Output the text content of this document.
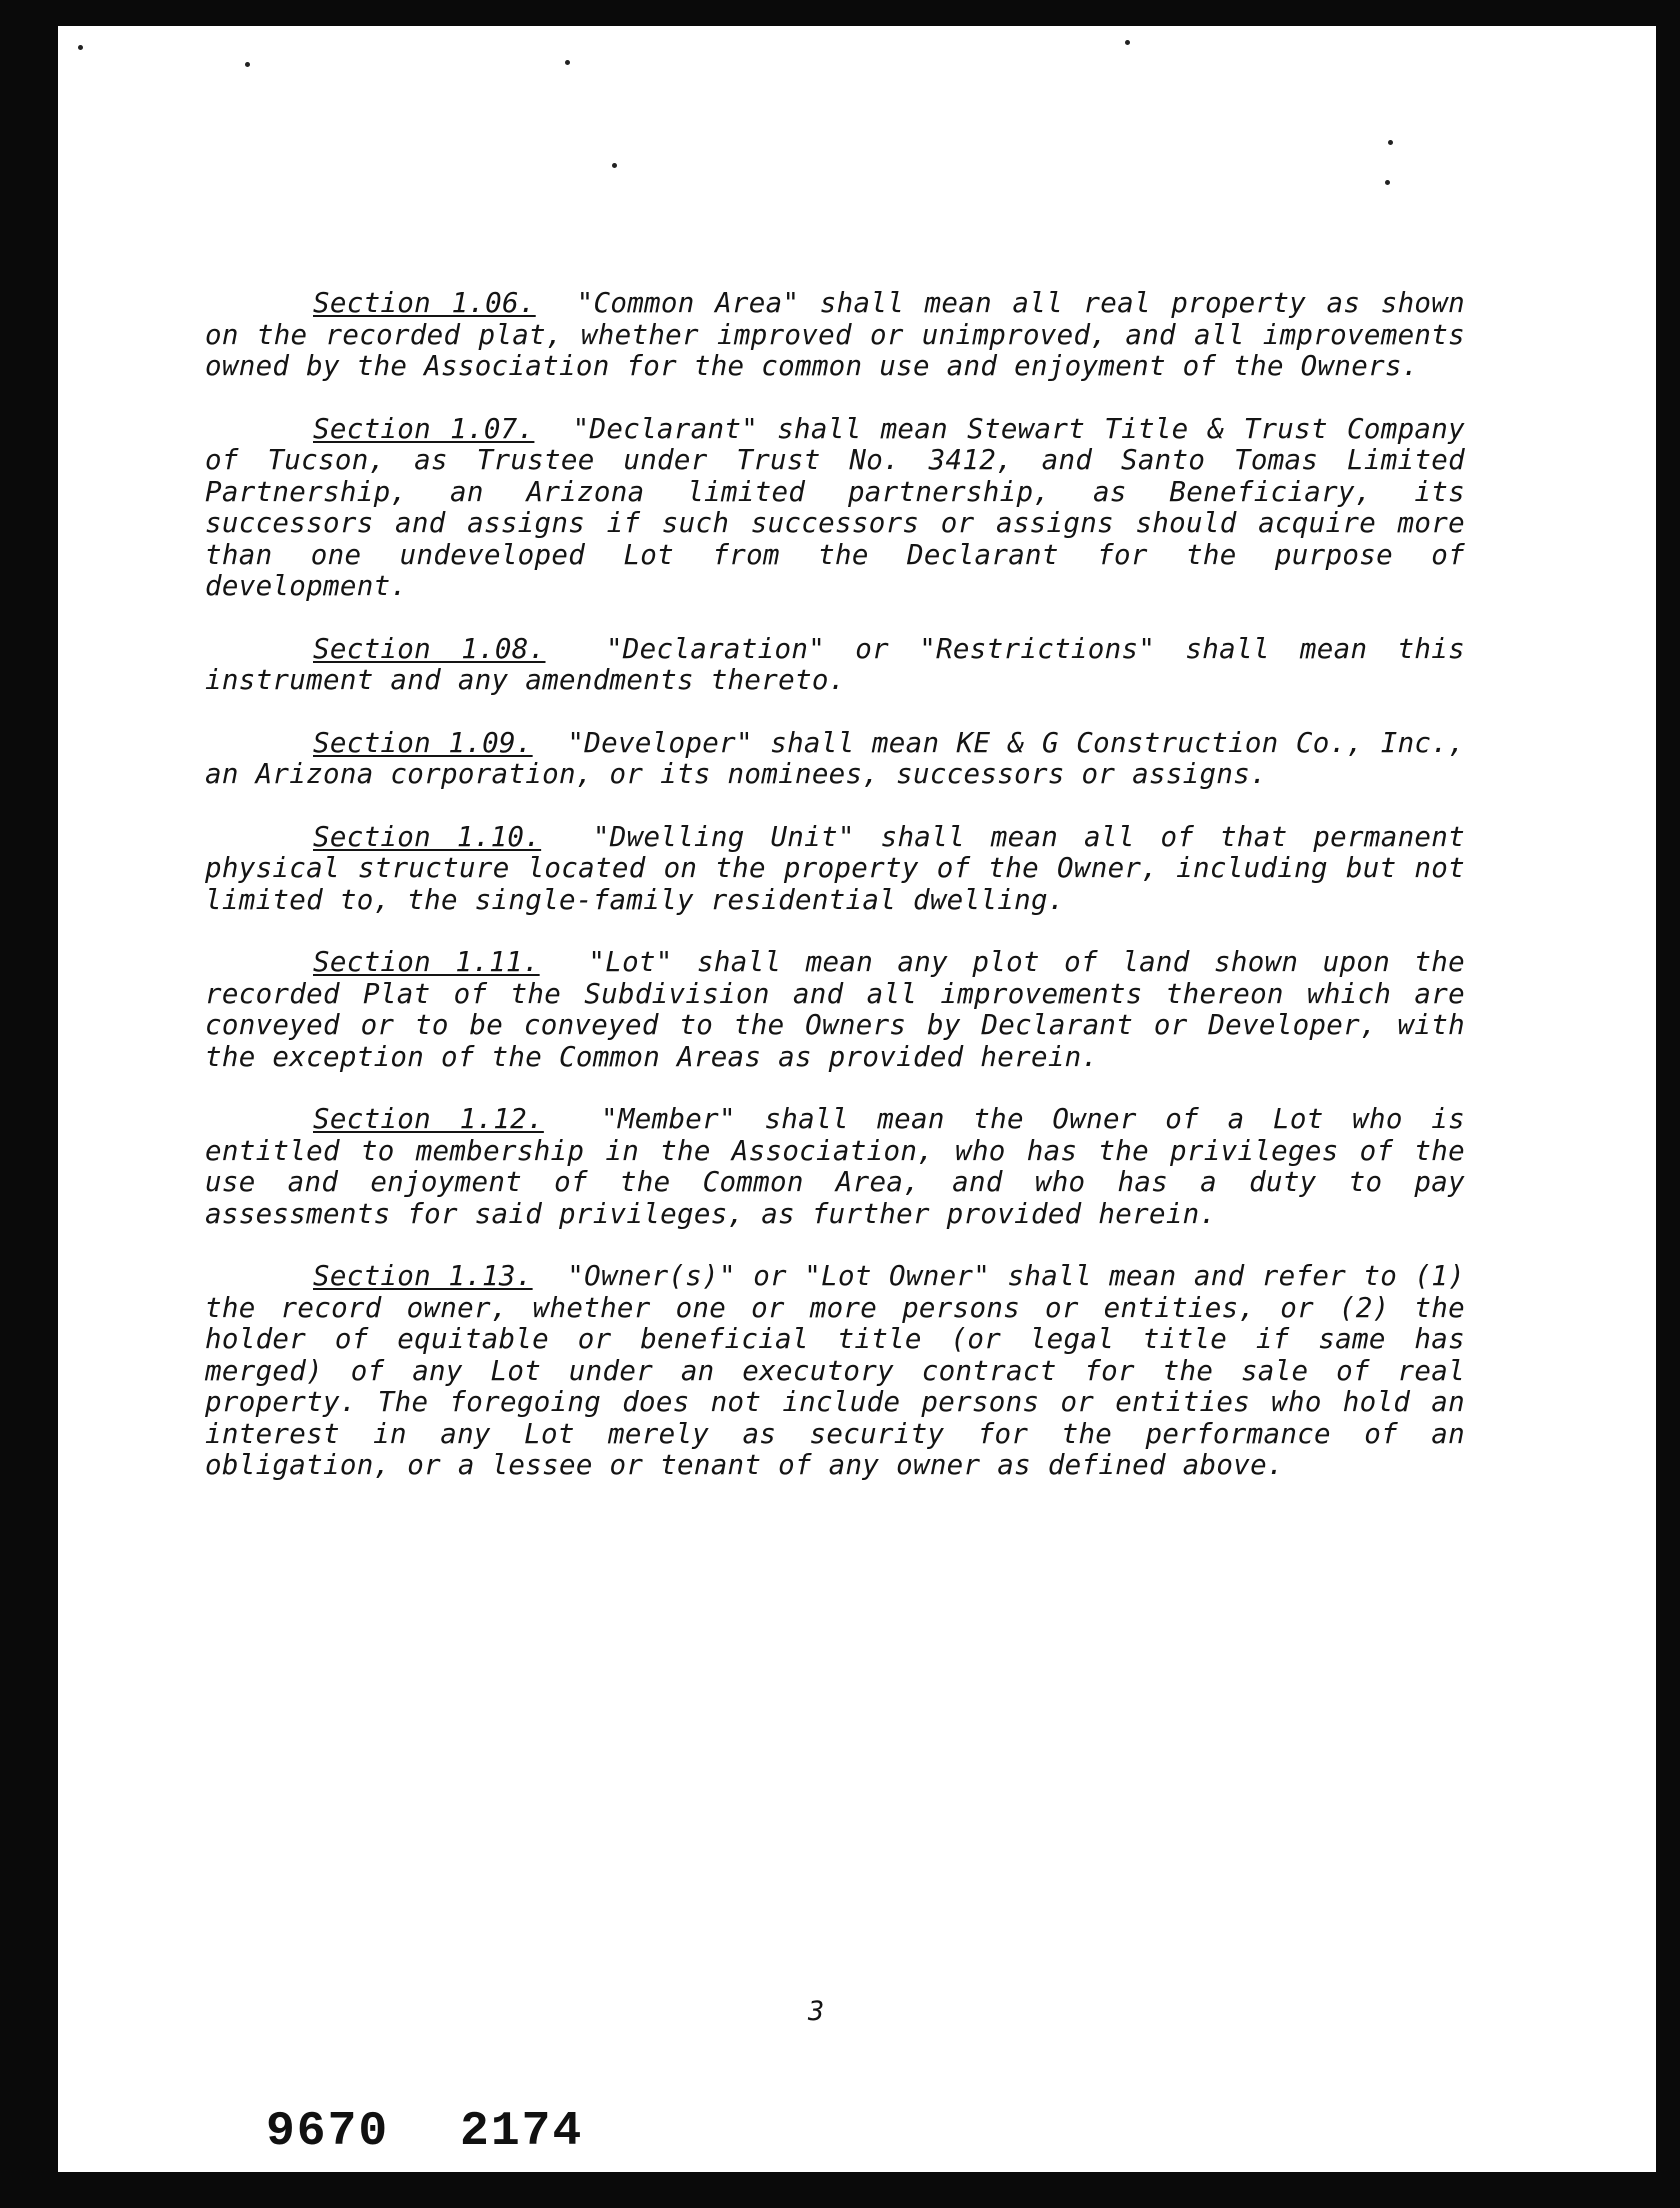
Section 1.06. "Common Area" shall mean all real property as shown on the recorded plat, whether improved or unimproved, and all improvements owned by the Association for the common use and enjoyment of the Owners.

Section 1.07. "Declarant" shall mean Stewart Title & Trust Company of Tucson, as Trustee under Trust No. 3412, and Santo Tomas Limited Partnership, an Arizona limited partnership, as Beneficiary, its successors and assigns if such successors or assigns should acquire more than one undeveloped Lot from the Declarant for the purpose of development.

Section 1.08. "Declaration" or "Restrictions" shall mean this instrument and any amendments thereto.

Section 1.09. "Developer" shall mean KE & G Construction Co., Inc., an Arizona corporation, or its nominees, successors or assigns.

Section 1.10. "Dwelling Unit" shall mean all of that permanent physical structure located on the property of the Owner, including but not limited to, the single-family residential dwelling.

Section 1.11. "Lot" shall mean any plot of land shown upon the recorded Plat of the Subdivision and all improvements thereon which are conveyed or to be conveyed to the Owners by Declarant or Developer, with the exception of the Common Areas as provided herein.

Section 1.12. "Member" shall mean the Owner of a Lot who is entitled to membership in the Association, who has the privileges of the use and enjoyment of the Common Area, and who has a duty to pay assessments for said privileges, as further provided herein.

Section 1.13. "Owner(s)" or "Lot Owner" shall mean and refer to (1) the record owner, whether one or more persons or entities, or (2) the holder of equitable or beneficial title (or legal title if same has merged) of any Lot under an executory contract for the sale of real property. The foregoing does not include persons or entities who hold an interest in any Lot merely as security for the performance of an obligation, or a lessee or tenant of any owner as defined above.

3
9670 2174
